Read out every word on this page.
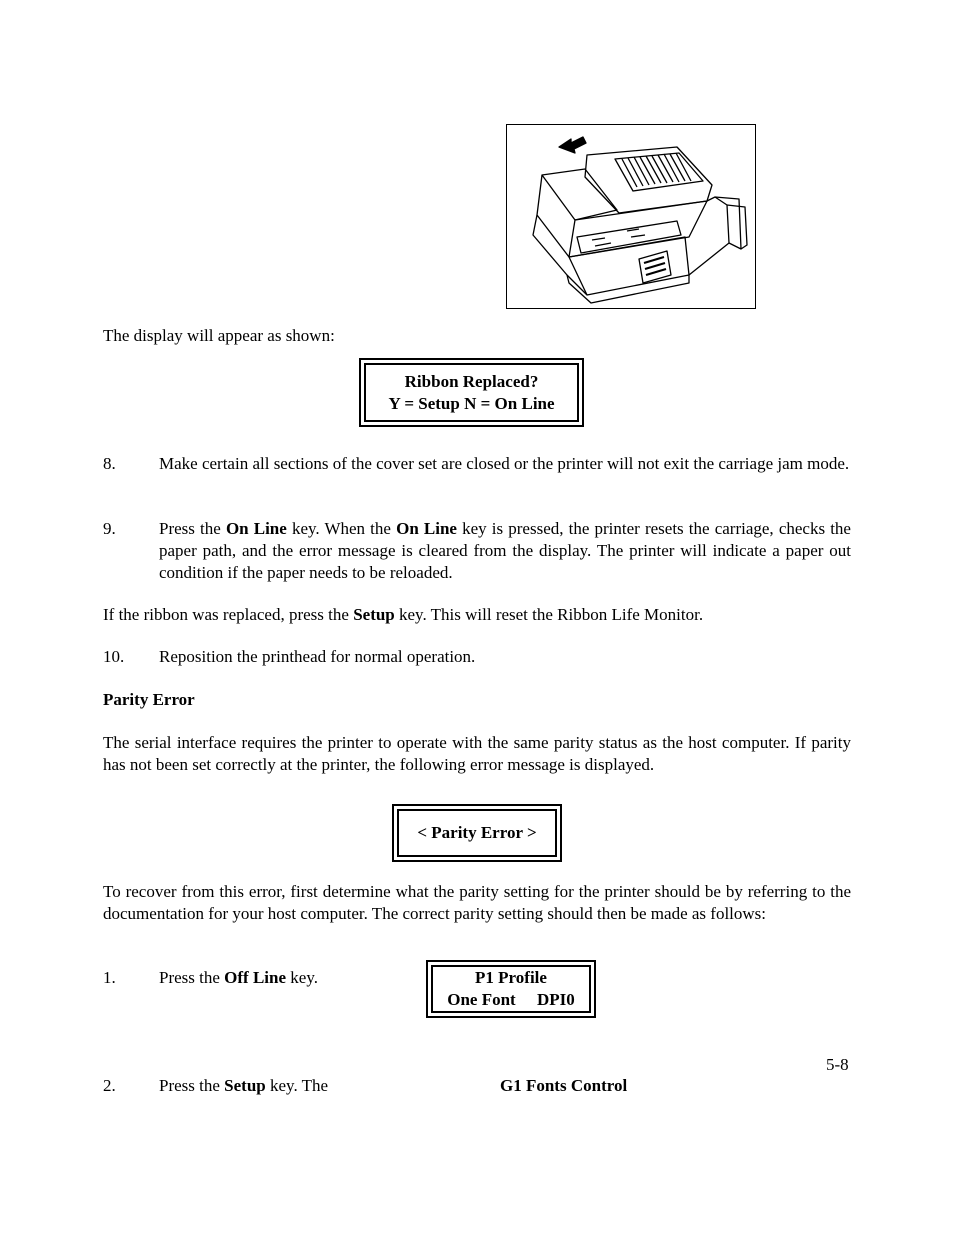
The display will appear as shown:
Ribbon Replaced?
Y = Setup N = On Line
8.	Make certain all sections of the cover set are closed or the printer will not exit the carriage jam mode.
9.	Press the On Line key. When the On Line key is pressed, the printer resets the carriage, checks the paper path, and the error message is cleared from the display. The printer will indicate a paper out condition if the paper needs to be reloaded.
If the ribbon was replaced, press the Setup key. This will reset the Ribbon Life Monitor.
10. Reposition the printhead for normal operation.
Parity Error
The serial interface requires the printer to operate with the same parity status as the host computer. If parity has not been set correctly at the printer, the following error message is displayed.
< Parity Error >
To recover from this error, first determine what the parity setting for the printer should be by referring to the documentation for your host computer. The correct parity setting should then be made as follows:
1.	Press the Off Line key.	P1 Profile
One Font     DPI0
5-8
2.	Press the Setup key. The	G1 Fonts Control
